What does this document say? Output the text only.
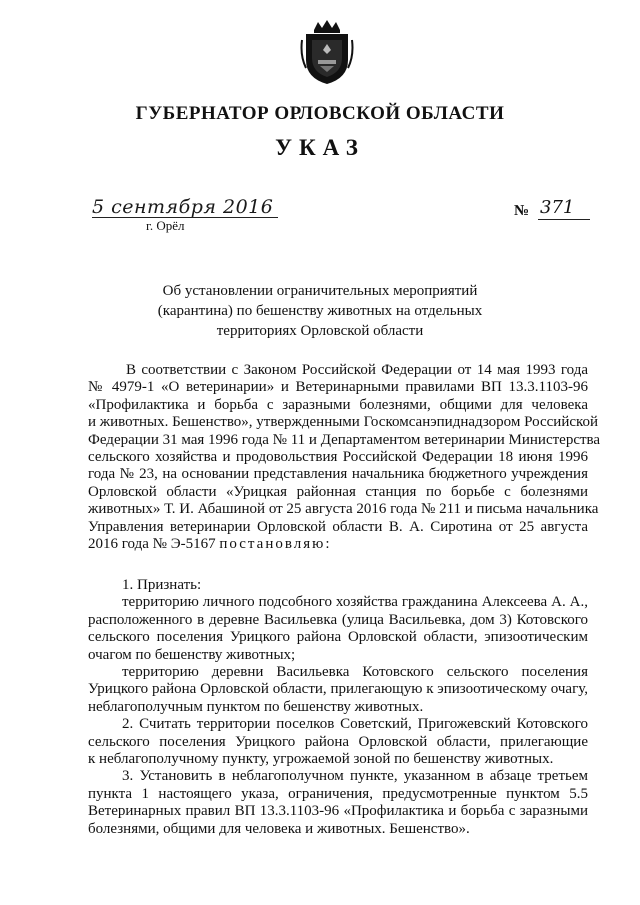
ГУБЕРНАТОР ОРЛОВСКОЙ ОБЛАСТИ
УКАЗ
5 сентября 2016
г. Орёл
№ 371
Об установлении ограничительных мероприятий
(карантина) по бешенству животных на отдельных
территориях Орловской области
В соответствии с Законом Российской Федерации от 14 мая 1993 года
№ 4979-1 «О ветеринарии» и Ветеринарными правилами ВП 13.3.1103-96
«Профилактика и борьба с заразными болезнями, общими для человека
и животных. Бешенство», утвержденными Госкомсанэпиднадзором Российской
Федерации 31 мая 1996 года № 11 и Департаментом ветеринарии Министерства
сельского хозяйства и продовольствия Российской Федерации 18 июня 1996
года № 23, на основании представления начальника бюджетного учреждения
Орловской области «Урицкая районная станция по борьбе с болезнями
животных» Т. И. Абашиной от 25 августа 2016 года № 211 и письма начальника
Управления ветеринарии Орловской области В. А. Сиротина от 25 августа
2016 года № Э-5167 постановляю:
1. Признать:
территорию личного подсобного хозяйства гражданина Алексеева А. А.,
расположенного в деревне Васильевка (улица Васильевка, дом 3) Котовского
сельского поселения Урицкого района Орловской области, эпизоотическим
очагом по бешенству животных;
территорию деревни Васильевка Котовского сельского поселения
Урицкого района Орловской области, прилегающую к эпизоотическому очагу,
неблагополучным пунктом по бешенству животных.
2. Считать территории поселков Советский, Пригожевский Котовского
сельского поселения Урицкого района Орловской области, прилегающие
к неблагополучному пункту, угрожаемой зоной по бешенству животных.
3. Установить в неблагополучном пункте, указанном в абзаце третьем
пункта 1 настоящего указа, ограничения, предусмотренные пунктом 5.5
Ветеринарных правил ВП 13.3.1103-96 «Профилактика и борьба с заразными
болезнями, общими для человека и животных. Бешенство».
